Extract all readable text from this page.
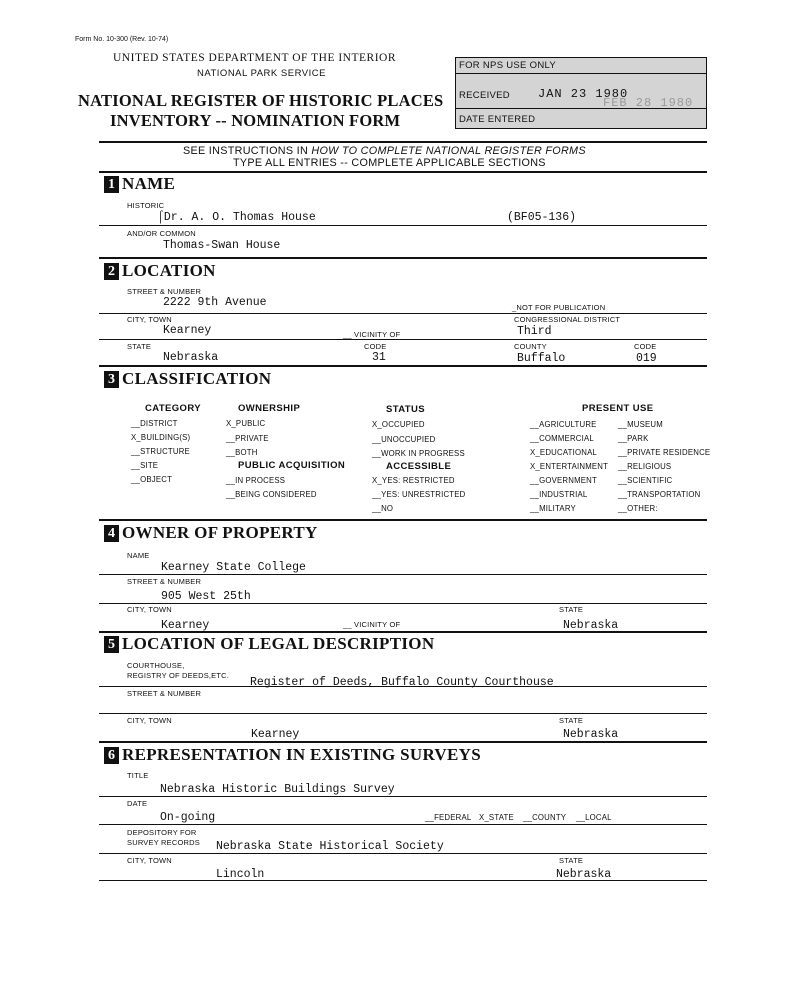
Form No. 10-300 (Rev. 10-74)
UNITED STATES DEPARTMENT OF THE INTERIOR
NATIONAL PARK SERVICE
NATIONAL REGISTER OF HISTORIC PLACES
INVENTORY -- NOMINATION FORM
FOR NPS USE ONLY
RECEIVED JAN 23 1980
FEB 28 1980
DATE ENTERED
SEE INSTRUCTIONS IN HOW TO COMPLETE NATIONAL REGISTER FORMS
TYPE ALL ENTRIES -- COMPLETE APPLICABLE SECTIONS
1 NAME
HISTORIC
⌠Dr. A. O. Thomas House	(BF05-136)
AND/OR COMMON
Thomas-Swan House
2 LOCATION
STREET & NUMBER
2222 9th Avenue	_NOT FOR PUBLICATION
CITY, TOWN	CONGRESSIONAL DISTRICT
Kearney	__ VICINITY OF	Third
STATE	CODE	COUNTY	CODE
Nebraska	31	Buffalo	019
3 CLASSIFICATION
CATEGORY
__DISTRICT
X_BUILDING(S)
__STRUCTURE
__SITE
__OBJECT
OWNERSHIP
X_PUBLIC
__PRIVATE
__BOTH
PUBLIC ACQUISITION
__IN PROCESS
__BEING CONSIDERED
STATUS
X_OCCUPIED
__UNOCCUPIED
__WORK IN PROGRESS
ACCESSIBLE
X_YES: RESTRICTED
__YES: UNRESTRICTED
__NO
PRESENT USE
__AGRICULTURE
__COMMERCIAL
X_EDUCATIONAL
X_ENTERTAINMENT
__GOVERNMENT
__INDUSTRIAL
__MILITARY
__MUSEUM
__PARK
__PRIVATE RESIDENCE
__RELIGIOUS
__SCIENTIFIC
__TRANSPORTATION
__OTHER:
4 OWNER OF PROPERTY
NAME
Kearney State College
STREET & NUMBER
905 West 25th
CITY, TOWN	STATE
Kearney	__ VICINITY OF	Nebraska
5 LOCATION OF LEGAL DESCRIPTION
COURTHOUSE,
REGISTRY OF DEEDS,ETC.
Register of Deeds, Buffalo County Courthouse
STREET & NUMBER
CITY, TOWN	STATE
Kearney	Nebraska
6 REPRESENTATION IN EXISTING SURVEYS
TITLE
Nebraska Historic Buildings Survey
DATE
On-going	__FEDERAL X_STATE __COUNTY __LOCAL
DEPOSITORY FOR
SURVEY RECORDS Nebraska State Historical Society
CITY, TOWN	STATE
Lincoln	Nebraska
